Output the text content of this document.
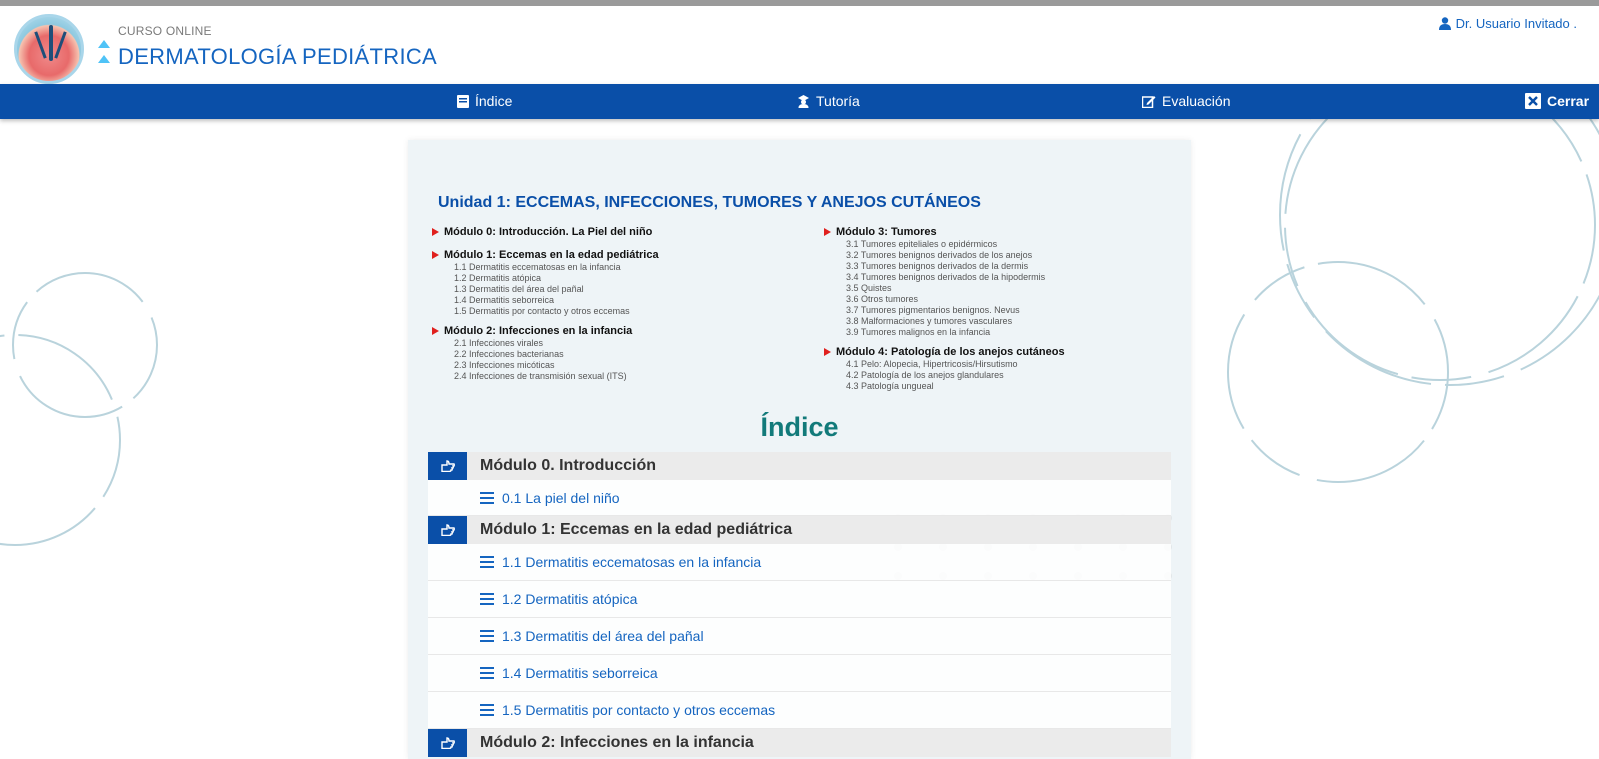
CURSO ONLINE
DERMATOLOGÍA PEDIÁTRICA
Dr. Usuario Invitado .
Índice	Tutoría	Evaluación	Cerrar
Unidad 1: ECCEMAS, INFECCIONES, TUMORES Y ANEJOS CUTÁNEOS
Módulo 0: Introducción. La Piel del niño
Módulo 1: Eccemas en la edad pediátrica
1.1 Dermatitis eccematosas en la infancia
1.2 Dermatitis atópica
1.3 Dermatitis del área del pañal
1.4 Dermatitis seborreica
1.5 Dermatitis por contacto y otros eccemas
Módulo 2: Infecciones en la infancia
2.1 Infecciones virales
2.2 Infecciones bacterianas
2.3 Infecciones micóticas
2.4 Infecciones de transmisión sexual (ITS)
Módulo 3: Tumores
3.1 Tumores epiteliales o epidérmicos
3.2 Tumores benignos derivados de los anejos
3.3 Tumores benignos derivados de la dermis
3.4 Tumores benignos derivados de la hipodermis
3.5 Quistes
3.6 Otros tumores
3.7 Tumores pigmentarios benignos. Nevus
3.8 Malformaciones y tumores vasculares
3.9 Tumores malignos en la infancia
Módulo 4: Patología de los anejos cutáneos
4.1 Pelo: Alopecia, Hipertricosis/Hirsutismo
4.2 Patología de los anejos glandulares
4.3 Patología ungueal
Índice
Módulo 0. Introducción
0.1 La piel del niño
Módulo 1: Eccemas en la edad pediátrica
1.1 Dermatitis eccematosas en la infancia
1.2 Dermatitis atópica
1.3 Dermatitis del área del pañal
1.4 Dermatitis seborreica
1.5 Dermatitis por contacto y otros eccemas
Módulo 2: Infecciones en la infancia
